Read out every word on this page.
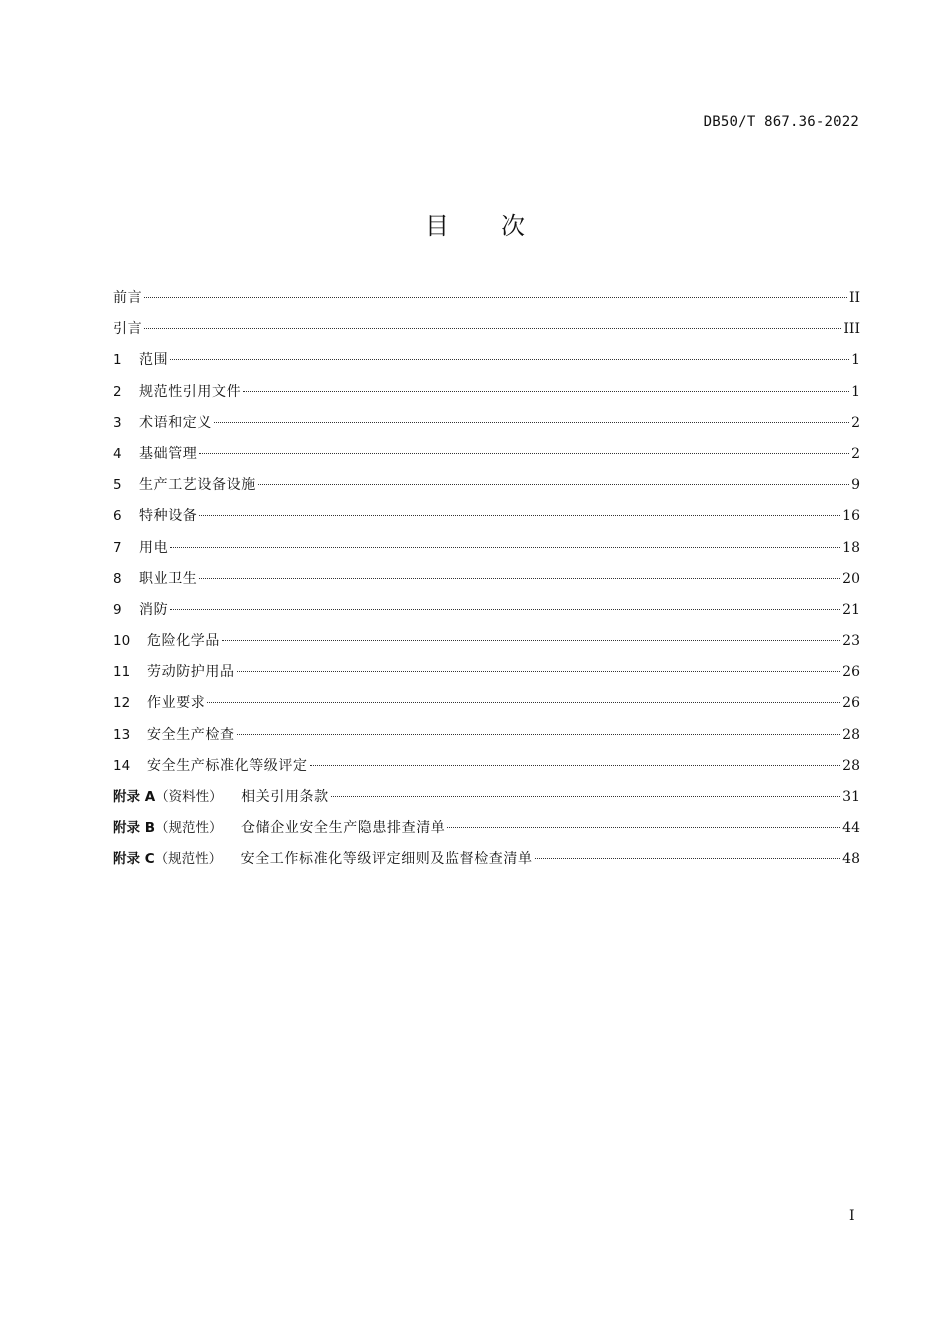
DB50/T 867.36-2022
目次
前言	II
引言	III
1	范围	1
2	规范性引用文件	1
3	术语和定义	2
4	基础管理	2
5	生产工艺设备设施	9
6	特种设备	16
7	用电	18
8	职业卫生	20
9	消防	21
10	危险化学品	23
11	劳动防护用品	26
12	作业要求	26
13	安全生产检查	28
14	安全生产标准化等级评定	28
附录 A （资料性）	相关引用条款	31
附录 B （规范性）	仓储企业安全生产隐患排查清单	44
附录 C （规范性）	安全工作标准化等级评定细则及监督检查清单	48
I
